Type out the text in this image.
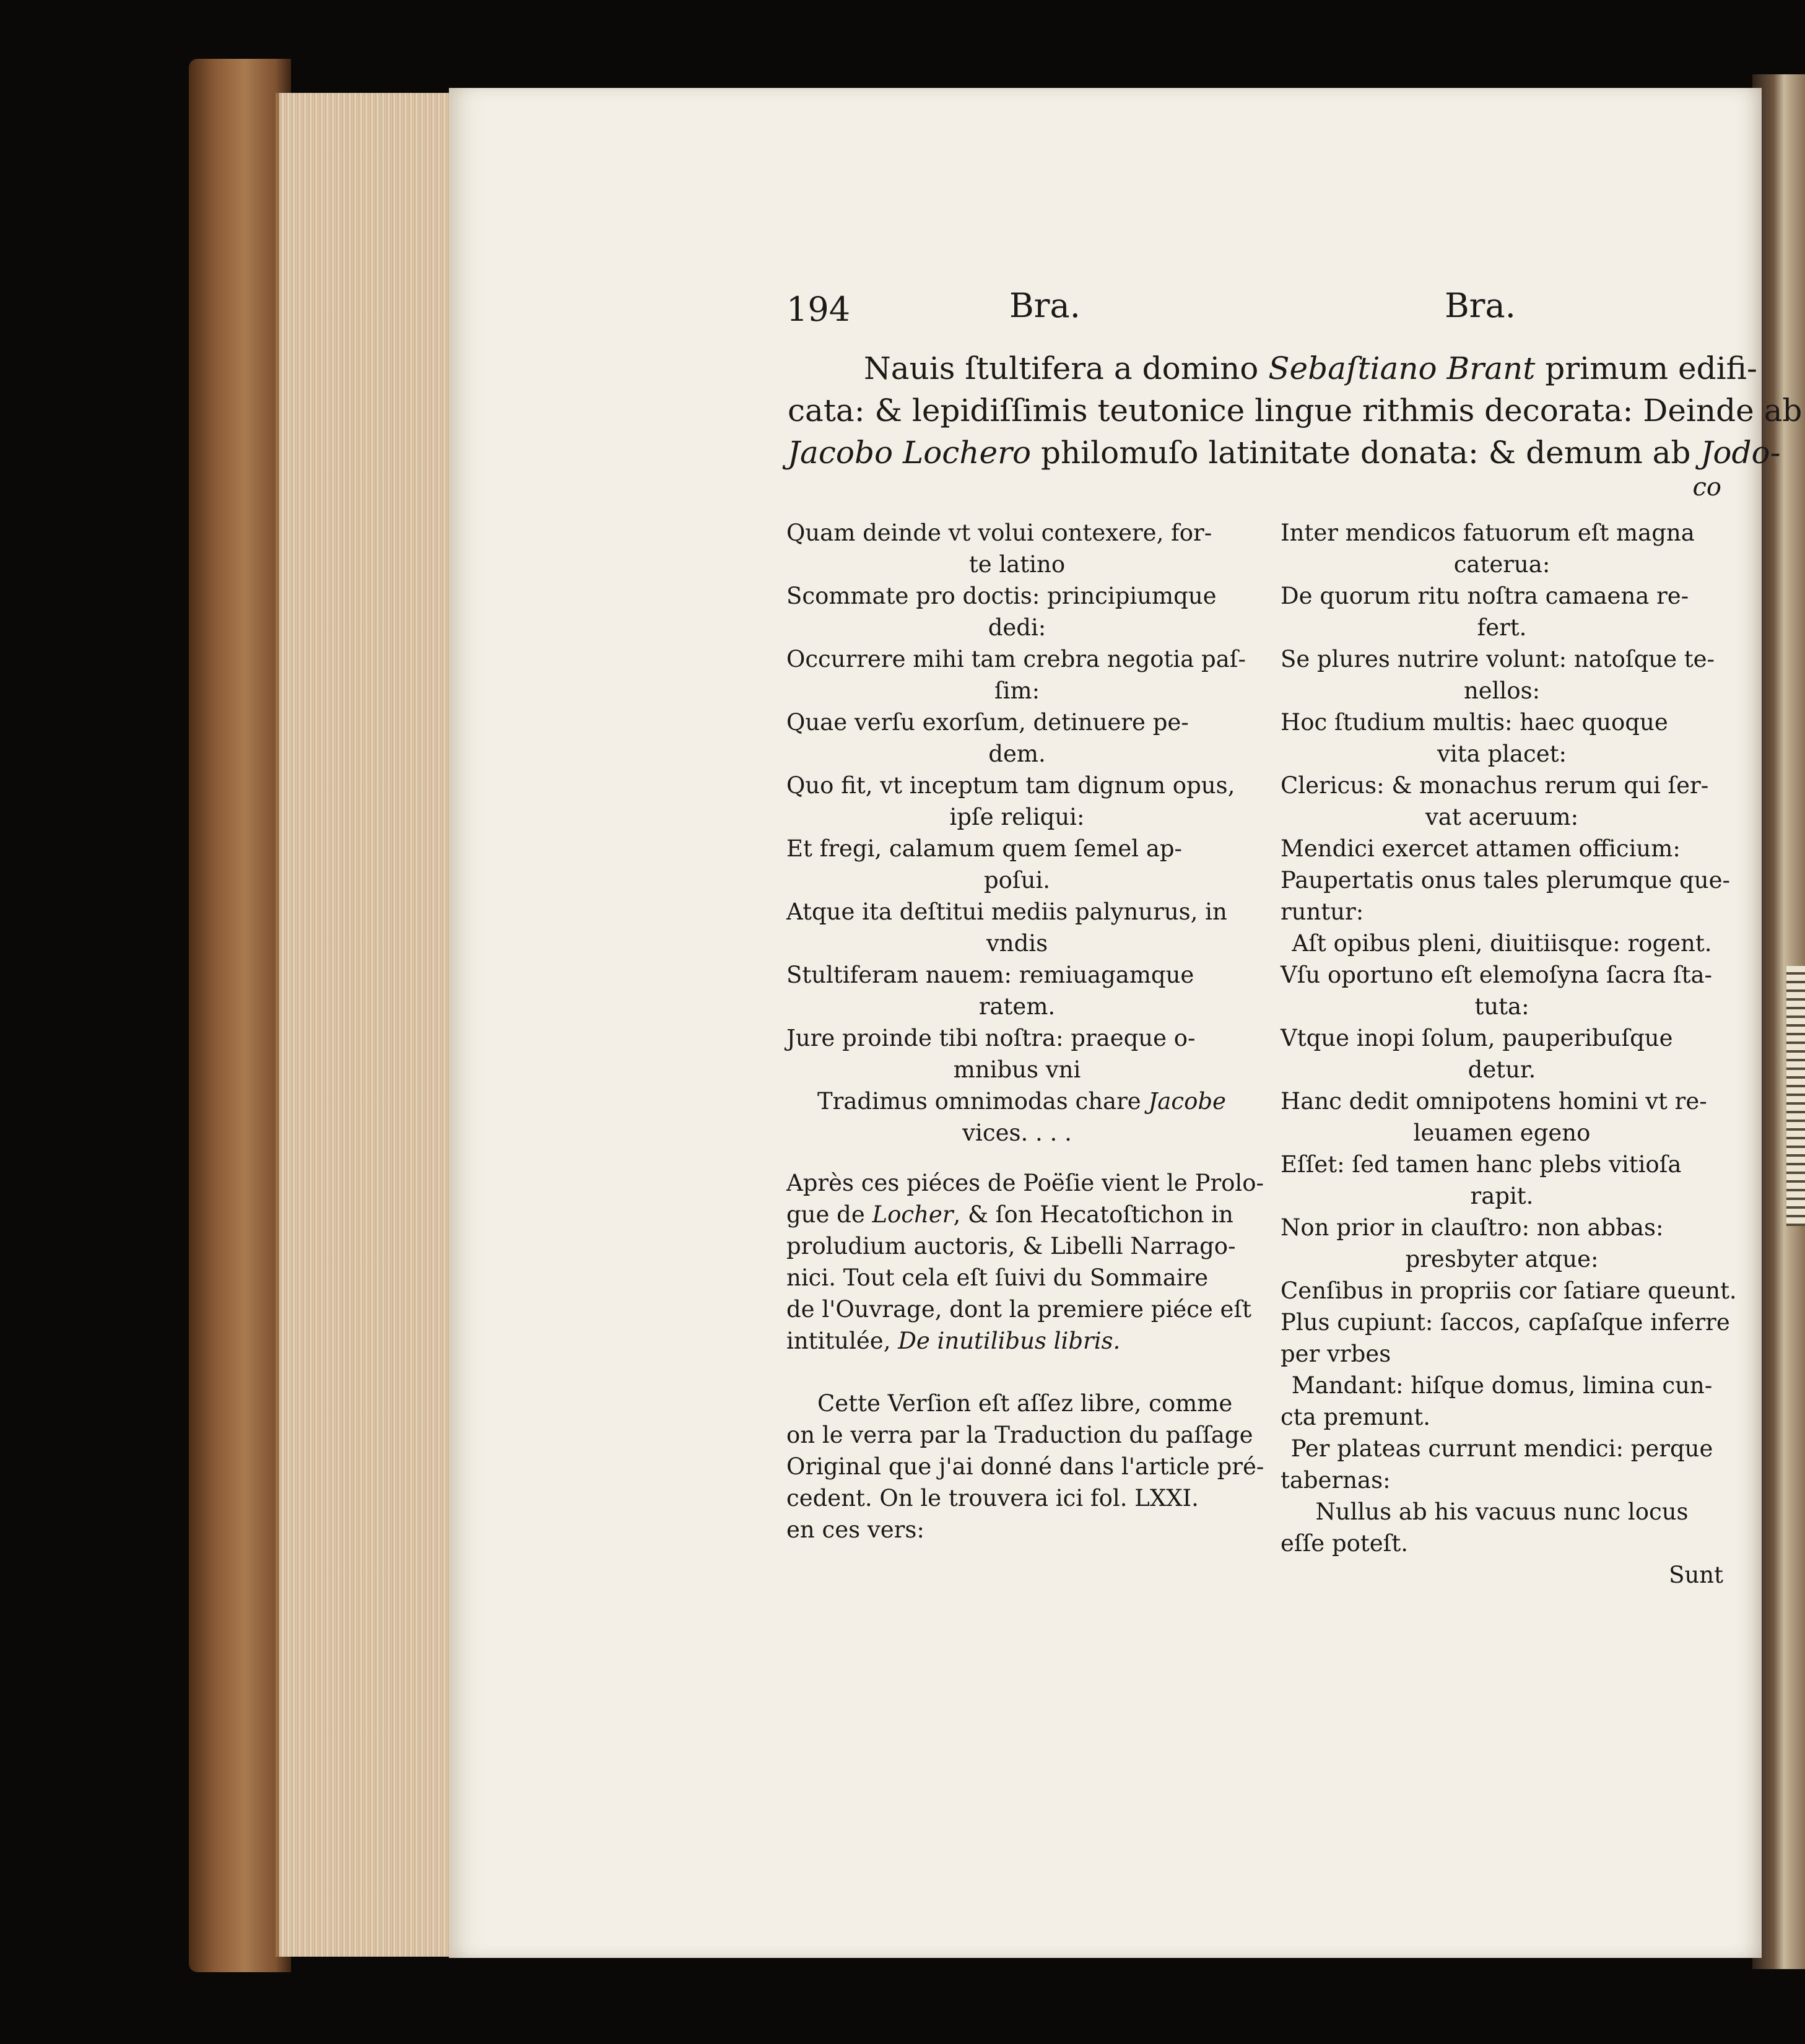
194	Bra.	Bra.
Nauis ſtultifera a domino Sebaſtiano Brant primum edifi-
cata: & lepidiſſimis teutonice lingue rithmis decorata: Deinde ab
Jacobo Lochero philomuſo latinitate donata: & demum ab Jodo-
co
Quam deinde vt volui contexere, for-
te latino
Scommate pro doctis: principiumque
dedi:
Occurrere mihi tam crebra negotia paſ-
ſim:
Quae verſu exorſum, detinuere pe-
dem.
Quo fit, vt inceptum tam dignum opus,
ipſe reliqui:
Et fregi, calamum quem ſemel ap-
poſui.
Atque ita deſtitui mediis palynurus, in
vndis
Stultiferam nauem: remiuagamque
ratem.
Jure proinde tibi noſtra: praeque o-
mnibus vni
Tradimus omnimodas chare Jacobe
vices. . . .
Après ces piéces de Poëſie vient le Prolo-
gue de Locher, & ſon Hecatoſtichon in
proludium auctoris, & Libelli Narrago-
nici. Tout cela eſt ſuivi du Sommaire
de l'Ouvrage, dont la premiere piéce eſt
intitulée, De inutilibus libris.
Cette Verſion eſt aſſez libre, comme
on le verra par la Traduction du paſſage
Original que j'ai donné dans l'article pré-
cedent. On le trouvera ici fol. LXXI.
en ces vers:
Inter mendicos fatuorum eſt magna
caterua:
De quorum ritu noſtra camaena re-
fert.
Se plures nutrire volunt: natoſque te-
nellos:
Hoc ſtudium multis: haec quoque
vita placet:
Clericus: & monachus rerum qui ſer-
vat aceruum:
Mendici exercet attamen officium:
Paupertatis onus tales plerumque que-
runtur:
Aſt opibus pleni, diuitiisque: rogent.
Vſu oportuno eſt elemoſyna ſacra ſta-
tuta:
Vtque inopi ſolum, pauperibuſque
detur.
Hanc dedit omnipotens homini vt re-
leuamen egeno
Eſſet: ſed tamen hanc plebs vitioſa
rapit.
Non prior in clauſtro: non abbas:
presbyter atque:
Cenſibus in propriis cor ſatiare queunt.
Plus cupiunt: ſaccos, capſaſque inferre
per vrbes
Mandant: hiſque domus, limina cun-
cta premunt.
Per plateas currunt mendici: perque
tabernas:
Nullus ab his vacuus nunc locus
eſſe poteſt.
Sunt
